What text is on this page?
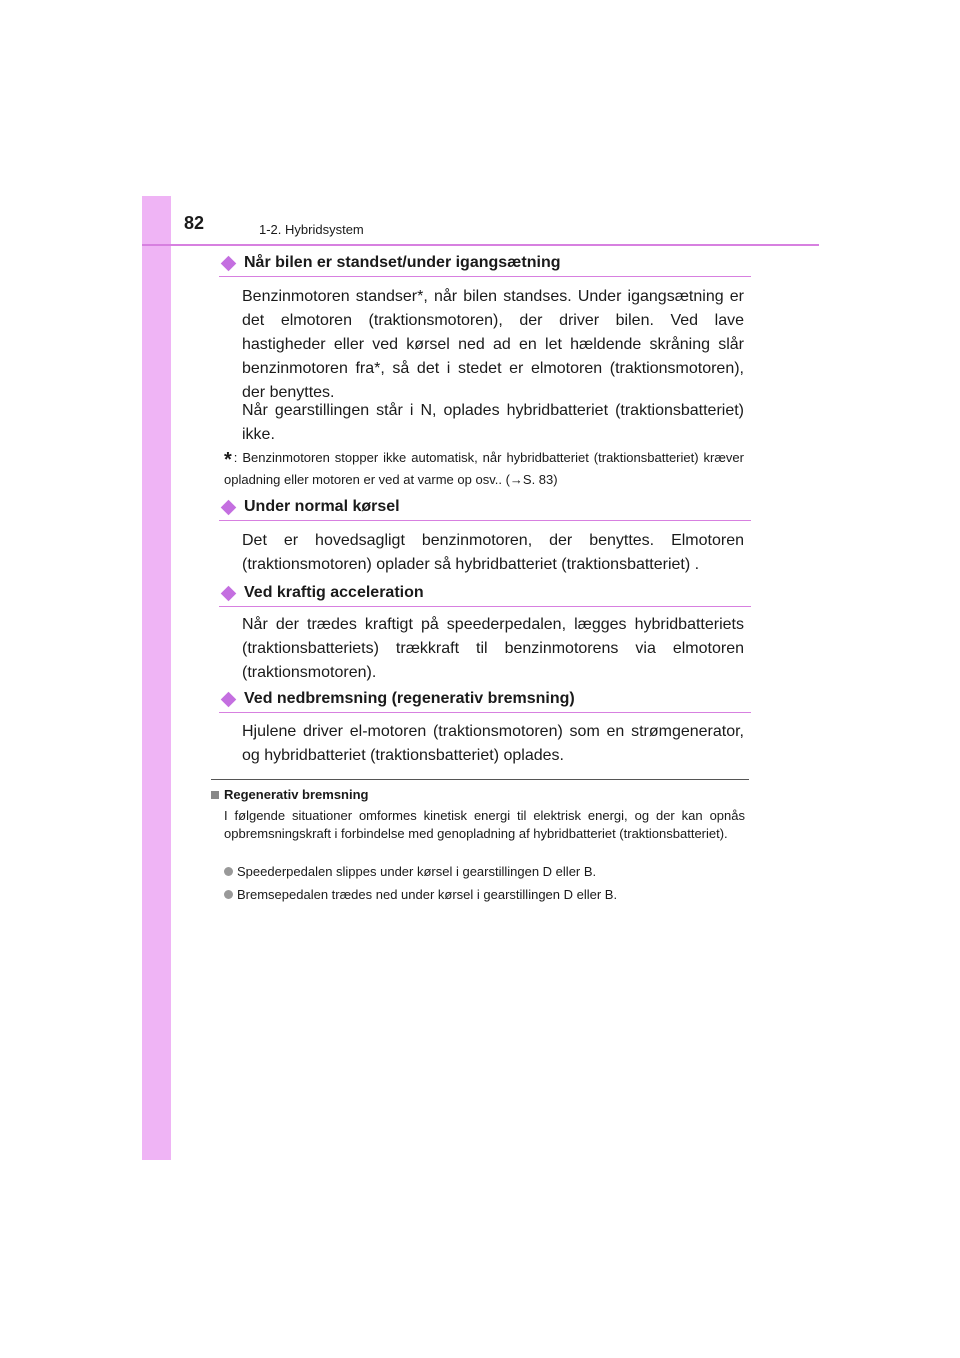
82	1-2. Hybridsystem
Når bilen er standset/under igangsætning
Benzinmotoren standser*, når bilen standses. Under igangsætning er det elmotoren (traktionsmotoren), der driver bilen. Ved lave hastigheder eller ved kørsel ned ad en let hældende skråning slår benzinmotoren fra*, så det i stedet er elmotoren (traktionsmotoren), der benyttes.
Når gearstillingen står i N, oplades hybridbatteriet (traktionsbatteriet) ikke.
* : Benzinmotoren stopper ikke automatisk, når hybridbatteriet (traktionsbatteriet) kræver opladning eller motoren er ved at varme op osv.. (→S. 83)
Under normal kørsel
Det er hovedsagligt benzinmotoren, der benyttes. Elmotoren (traktionsmotoren) oplader så hybridbatteriet (traktionsbatteriet) .
Ved kraftig acceleration
Når der trædes kraftigt på speederpedalen, lægges hybridbatteriets (traktionsbatteriets) trækkraft til benzinmotorens via elmotoren (traktionsmotoren).
Ved nedbremsning (regenerativ bremsning)
Hjulene driver el-motoren (traktionsmotoren) som en strømgenerator, og hybridbatteriet (traktionsbatteriet) oplades.
Regenerativ bremsning
I følgende situationer omformes kinetisk energi til elektrisk energi, og der kan opnås opbremsningskraft i forbindelse med genopladning af hybridbatteriet (traktionsbatteriet).
Speederpedalen slippes under kørsel i gearstillingen D eller B.
Bremsepedalen trædes ned under kørsel i gearstillingen D eller B.
